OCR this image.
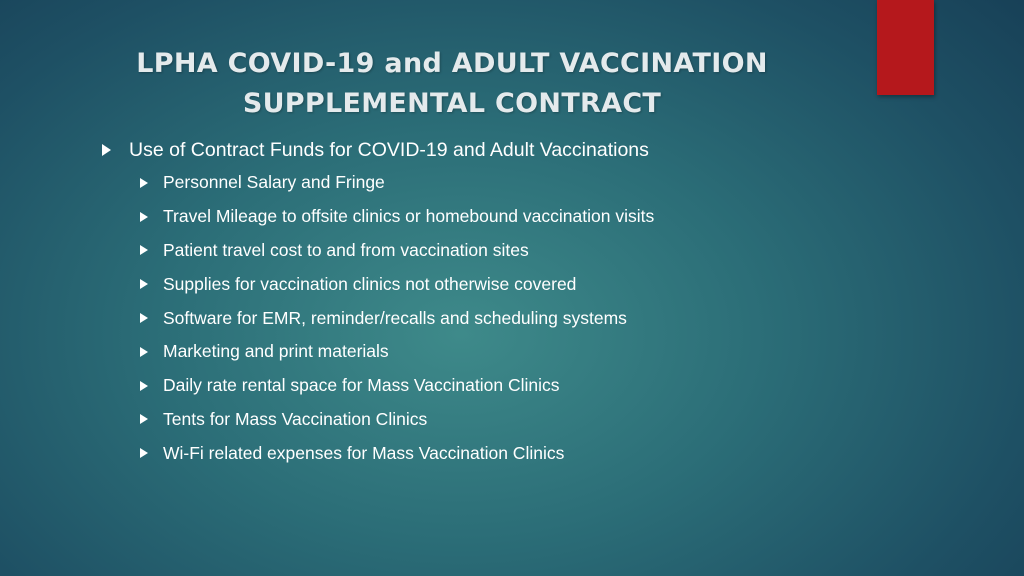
LPHA COVID-19 and ADULT VACCINATION
SUPPLEMENTAL CONTRACT
Use of Contract Funds for COVID-19 and Adult Vaccinations
Personnel Salary and Fringe
Travel Mileage to offsite clinics or homebound vaccination visits
Patient travel cost to and from vaccination sites
Supplies for vaccination clinics not otherwise covered
Software for EMR, reminder/recalls and scheduling systems
Marketing and print materials
Daily rate rental space for Mass Vaccination Clinics
Tents for Mass Vaccination Clinics
Wi-Fi related expenses for Mass Vaccination Clinics
